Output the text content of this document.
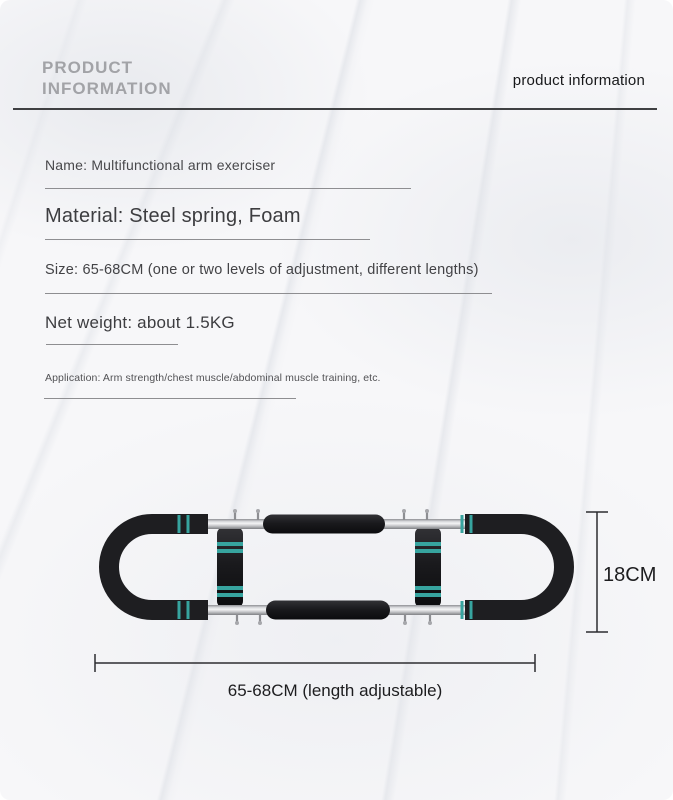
PRODUCT
INFORMATION	product information
Name: Multifunctional arm exerciser
Material: Steel spring, Foam
Size: 65-68CM (one or two levels of adjustment, different lengths)
Net weight: about 1.5KG
Application: Arm strength/chest muscle/abdominal muscle training, etc.
18CM
65-68CM (length adjustable)
